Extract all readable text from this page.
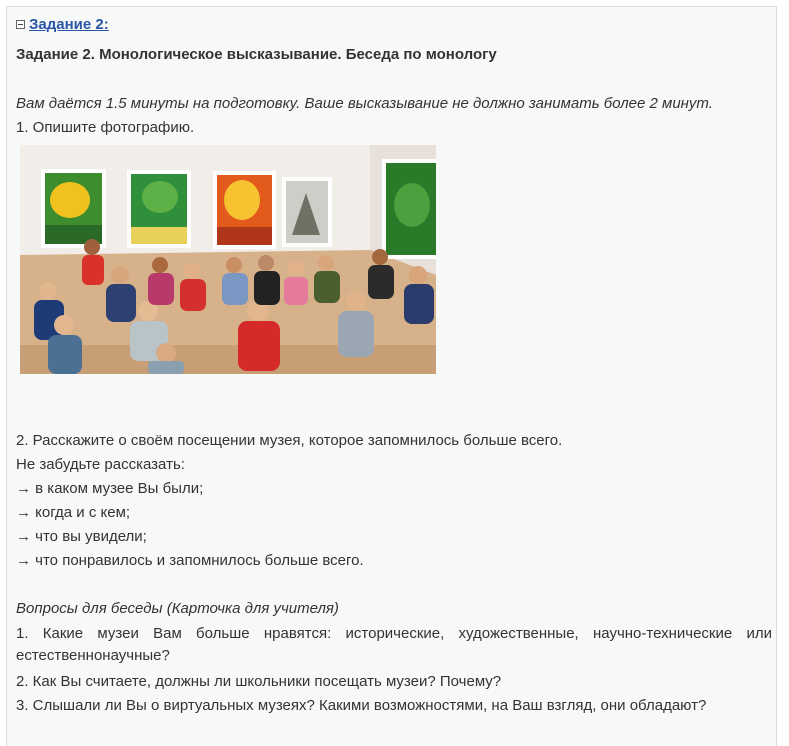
Задание 2:
Задание 2. Монологическое высказывание. Беседа по монологу
Вам даётся 1.5 минуты на подготовку. Ваше высказывание не должно занимать более 2 минут.
1. Опишите фотографию.
2. Расскажите о своём посещении музея, которое запомнилось больше всего.
Не забудьте рассказать:
→ в каком музее Вы были;
→ когда и с кем;
→ что вы увидели;
→ что понравилось и запомнилось больше всего.
Вопросы для беседы (Карточка для учителя)
1. Какие музеи Вам больше нравятся: исторические, художественные, научно-технические или естественнонаучные?
2. Как Вы считаете, должны ли школьники посещать музеи? Почему?
3. Слышали ли Вы о виртуальных музеях? Какими возможностями, на Ваш взгляд, они обладают?
